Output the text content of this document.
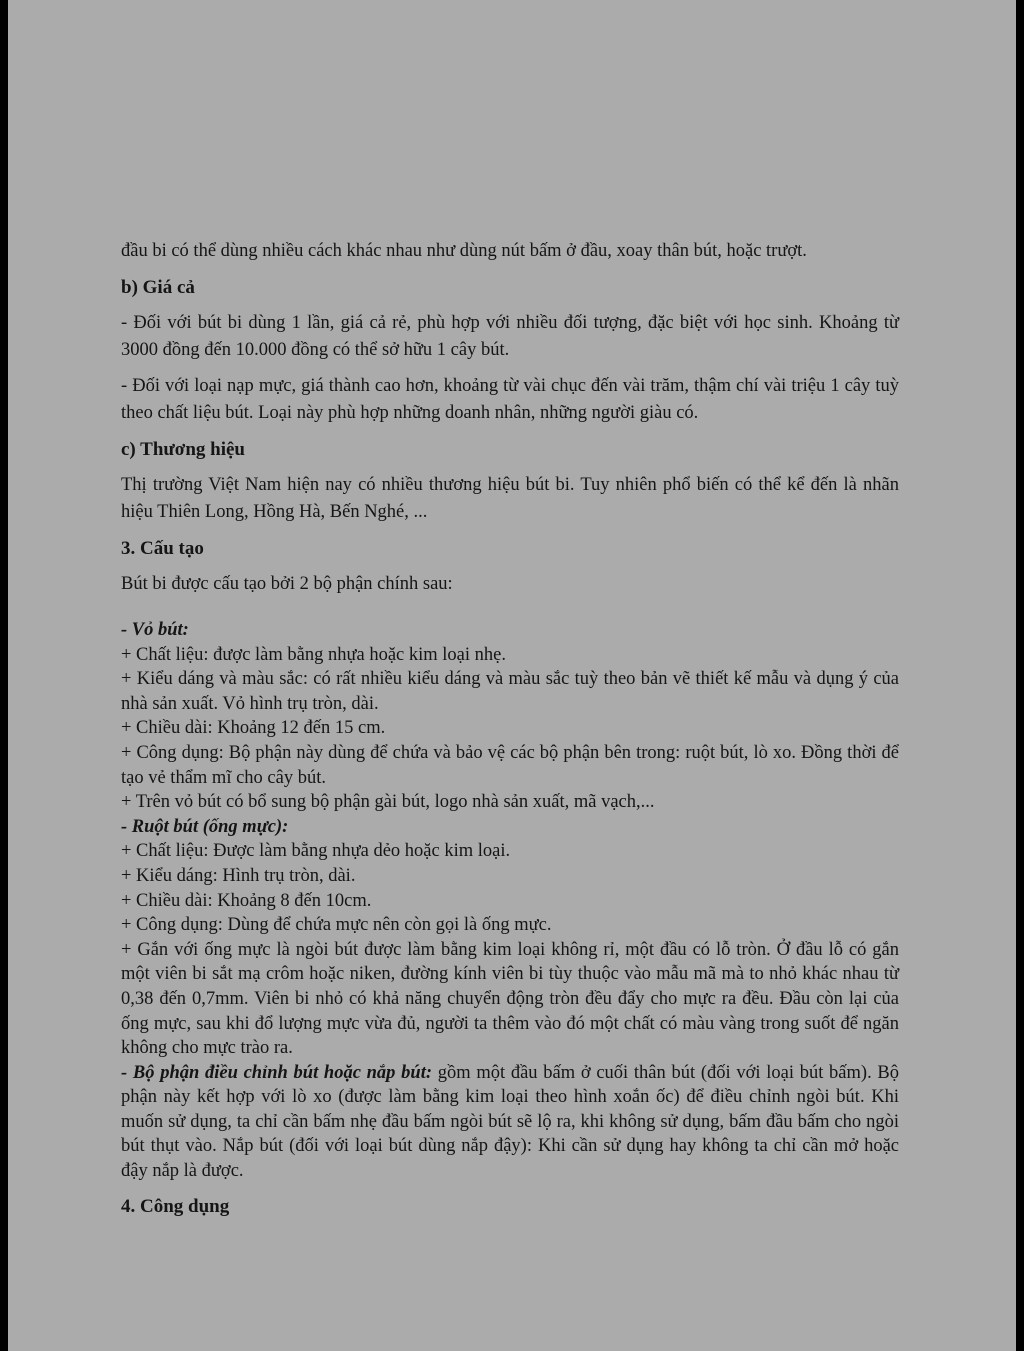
đầu bi có thể dùng nhiều cách khác nhau như dùng nút bấm ở đầu, xoay thân bút, hoặc trượt.

b) Giá cả

- Đối với bút bi dùng 1 lần, giá cả rẻ, phù hợp với nhiều đối tượng, đặc biệt với học sinh. Khoảng từ 3000 đồng đến 10.000 đồng có thể sở hữu 1 cây bút.

- Đối với loại nạp mực, giá thành cao hơn, khoảng từ vài chục đến vài trăm, thậm chí vài triệu 1 cây tuỳ theo chất liệu bút. Loại này phù hợp những doanh nhân, những người giàu có.

c) Thương hiệu

Thị trường Việt Nam hiện nay có nhiều thương hiệu bút bi. Tuy nhiên phổ biến có thể kể đến là nhãn hiệu Thiên Long, Hồng Hà, Bến Nghé, ...

3. Cấu tạo

Bút bi được cấu tạo bởi 2 bộ phận chính sau:

- Vỏ bút:

+ Chất liệu: được làm bằng nhựa hoặc kim loại nhẹ.

+ Kiểu dáng và màu sắc: có rất nhiều kiểu dáng và màu sắc tuỳ theo bản vẽ thiết kế mẫu và dụng ý của nhà sản xuất. Vỏ hình trụ tròn, dài.

+ Chiều dài: Khoảng 12 đến 15 cm.

+ Công dụng: Bộ phận này dùng để chứa và bảo vệ các bộ phận bên trong: ruột bút, lò xo. Đồng thời để tạo vẻ thẩm mĩ cho cây bút.

+ Trên vỏ bút có bổ sung bộ phận gài bút, logo nhà sản xuất, mã vạch,...

- Ruột bút (ống mực):

+ Chất liệu: Được làm bằng nhựa dẻo hoặc kim loại.

+ Kiểu dáng: Hình trụ tròn, dài.

+ Chiều dài: Khoảng 8 đến 10cm.

+ Công dụng: Dùng để chứa mực nên còn gọi là ống mực.

+ Gắn với ống mực là ngòi bút được làm bằng kim loại không rỉ, một đầu có lỗ tròn. Ở đầu lỗ có gắn một viên bi sắt mạ crôm hoặc niken, đường kính viên bi tùy thuộc vào mẫu mã mà to nhỏ khác nhau từ 0,38 đến 0,7mm. Viên bi nhỏ có khả năng chuyển động tròn đều đẩy cho mực ra đều. Đầu còn lại của ống mực, sau khi đổ lượng mực vừa đủ, người ta thêm vào đó một chất có màu vàng trong suốt để ngăn không cho mực trào ra.

- Bộ phận điều chỉnh bút hoặc nắp bút: gồm một đầu bấm ở cuối thân bút (đối với loại bút bấm). Bộ phận này kết hợp với lò xo (được làm bằng kim loại theo hình xoắn ốc) để điều chỉnh ngòi bút. Khi muốn sử dụng, ta chỉ cần bấm nhẹ đầu bấm ngòi bút sẽ lộ ra, khi không sử dụng, bấm đầu bấm cho ngòi bút thụt vào. Nắp bút (đối với loại bút dùng nắp đậy): Khi cần sử dụng hay không ta chỉ cần mở hoặc đậy nắp là được.

4. Công dụng
